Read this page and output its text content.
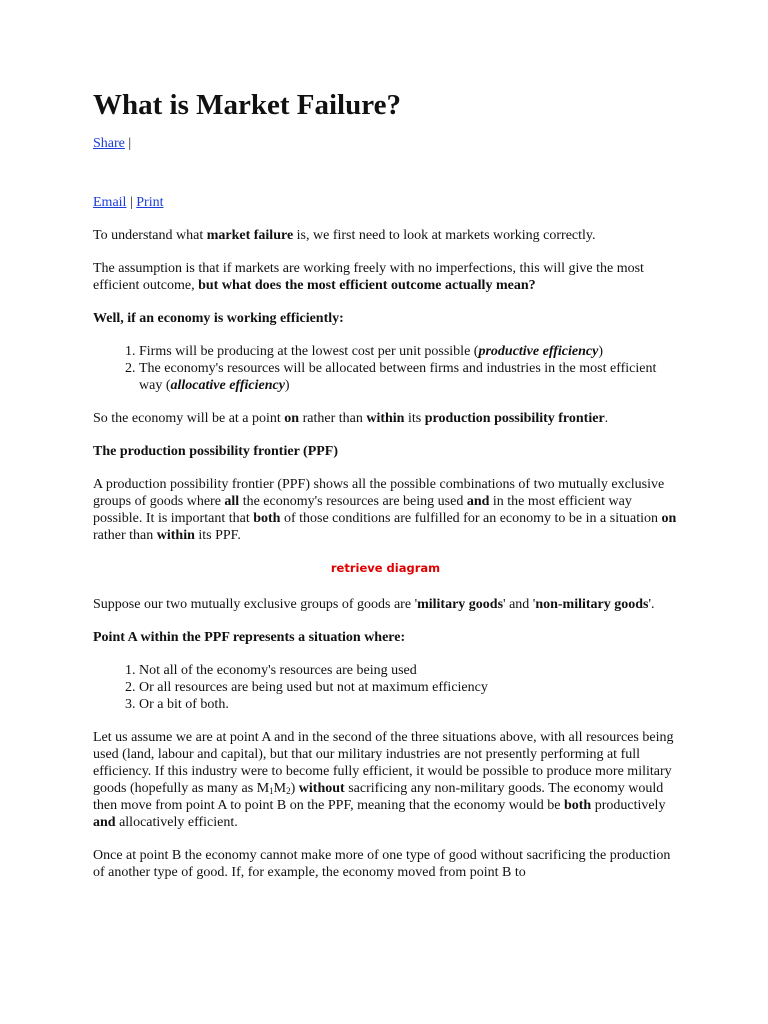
What is Market Failure?

Share |

Email | Print

To understand what market failure is, we first need to look at markets working correctly.

The assumption is that if markets are working freely with no imperfections, this will give the most efficient outcome, but what does the most efficient outcome actually mean?

Well, if an economy is working efficiently:

1. Firms will be producing at the lowest cost per unit possible (productive efficiency)
2. The economy's resources will be allocated between firms and industries in the most efficient way (allocative efficiency)

So the economy will be at a point on rather than within its production possibility frontier.

The production possibility frontier (PPF)

A production possibility frontier (PPF) shows all the possible combinations of two mutually exclusive groups of goods where all the economy's resources are being used and in the most efficient way possible. It is important that both of those conditions are fulfilled for an economy to be in a situation on rather than within its PPF.

retrieve diagram

Suppose our two mutually exclusive groups of goods are 'military goods' and 'non-military goods'.

Point A within the PPF represents a situation where:

1. Not all of the economy's resources are being used
2. Or all resources are being used but not at maximum efficiency
3. Or a bit of both.

Let us assume we are at point A and in the second of the three situations above, with all resources being used (land, labour and capital), but that our military industries are not presently performing at full efficiency. If this industry were to become fully efficient, it would be possible to produce more military goods (hopefully as many as $M_1M_2$) without sacrificing any non-military goods. The economy would then move from point A to point B on the PPF, meaning that the economy would be both productively and allocatively efficient.

Once at point B the economy cannot make more of one type of good without sacrificing the production of another type of good. If, for example, the economy moved from point B to
